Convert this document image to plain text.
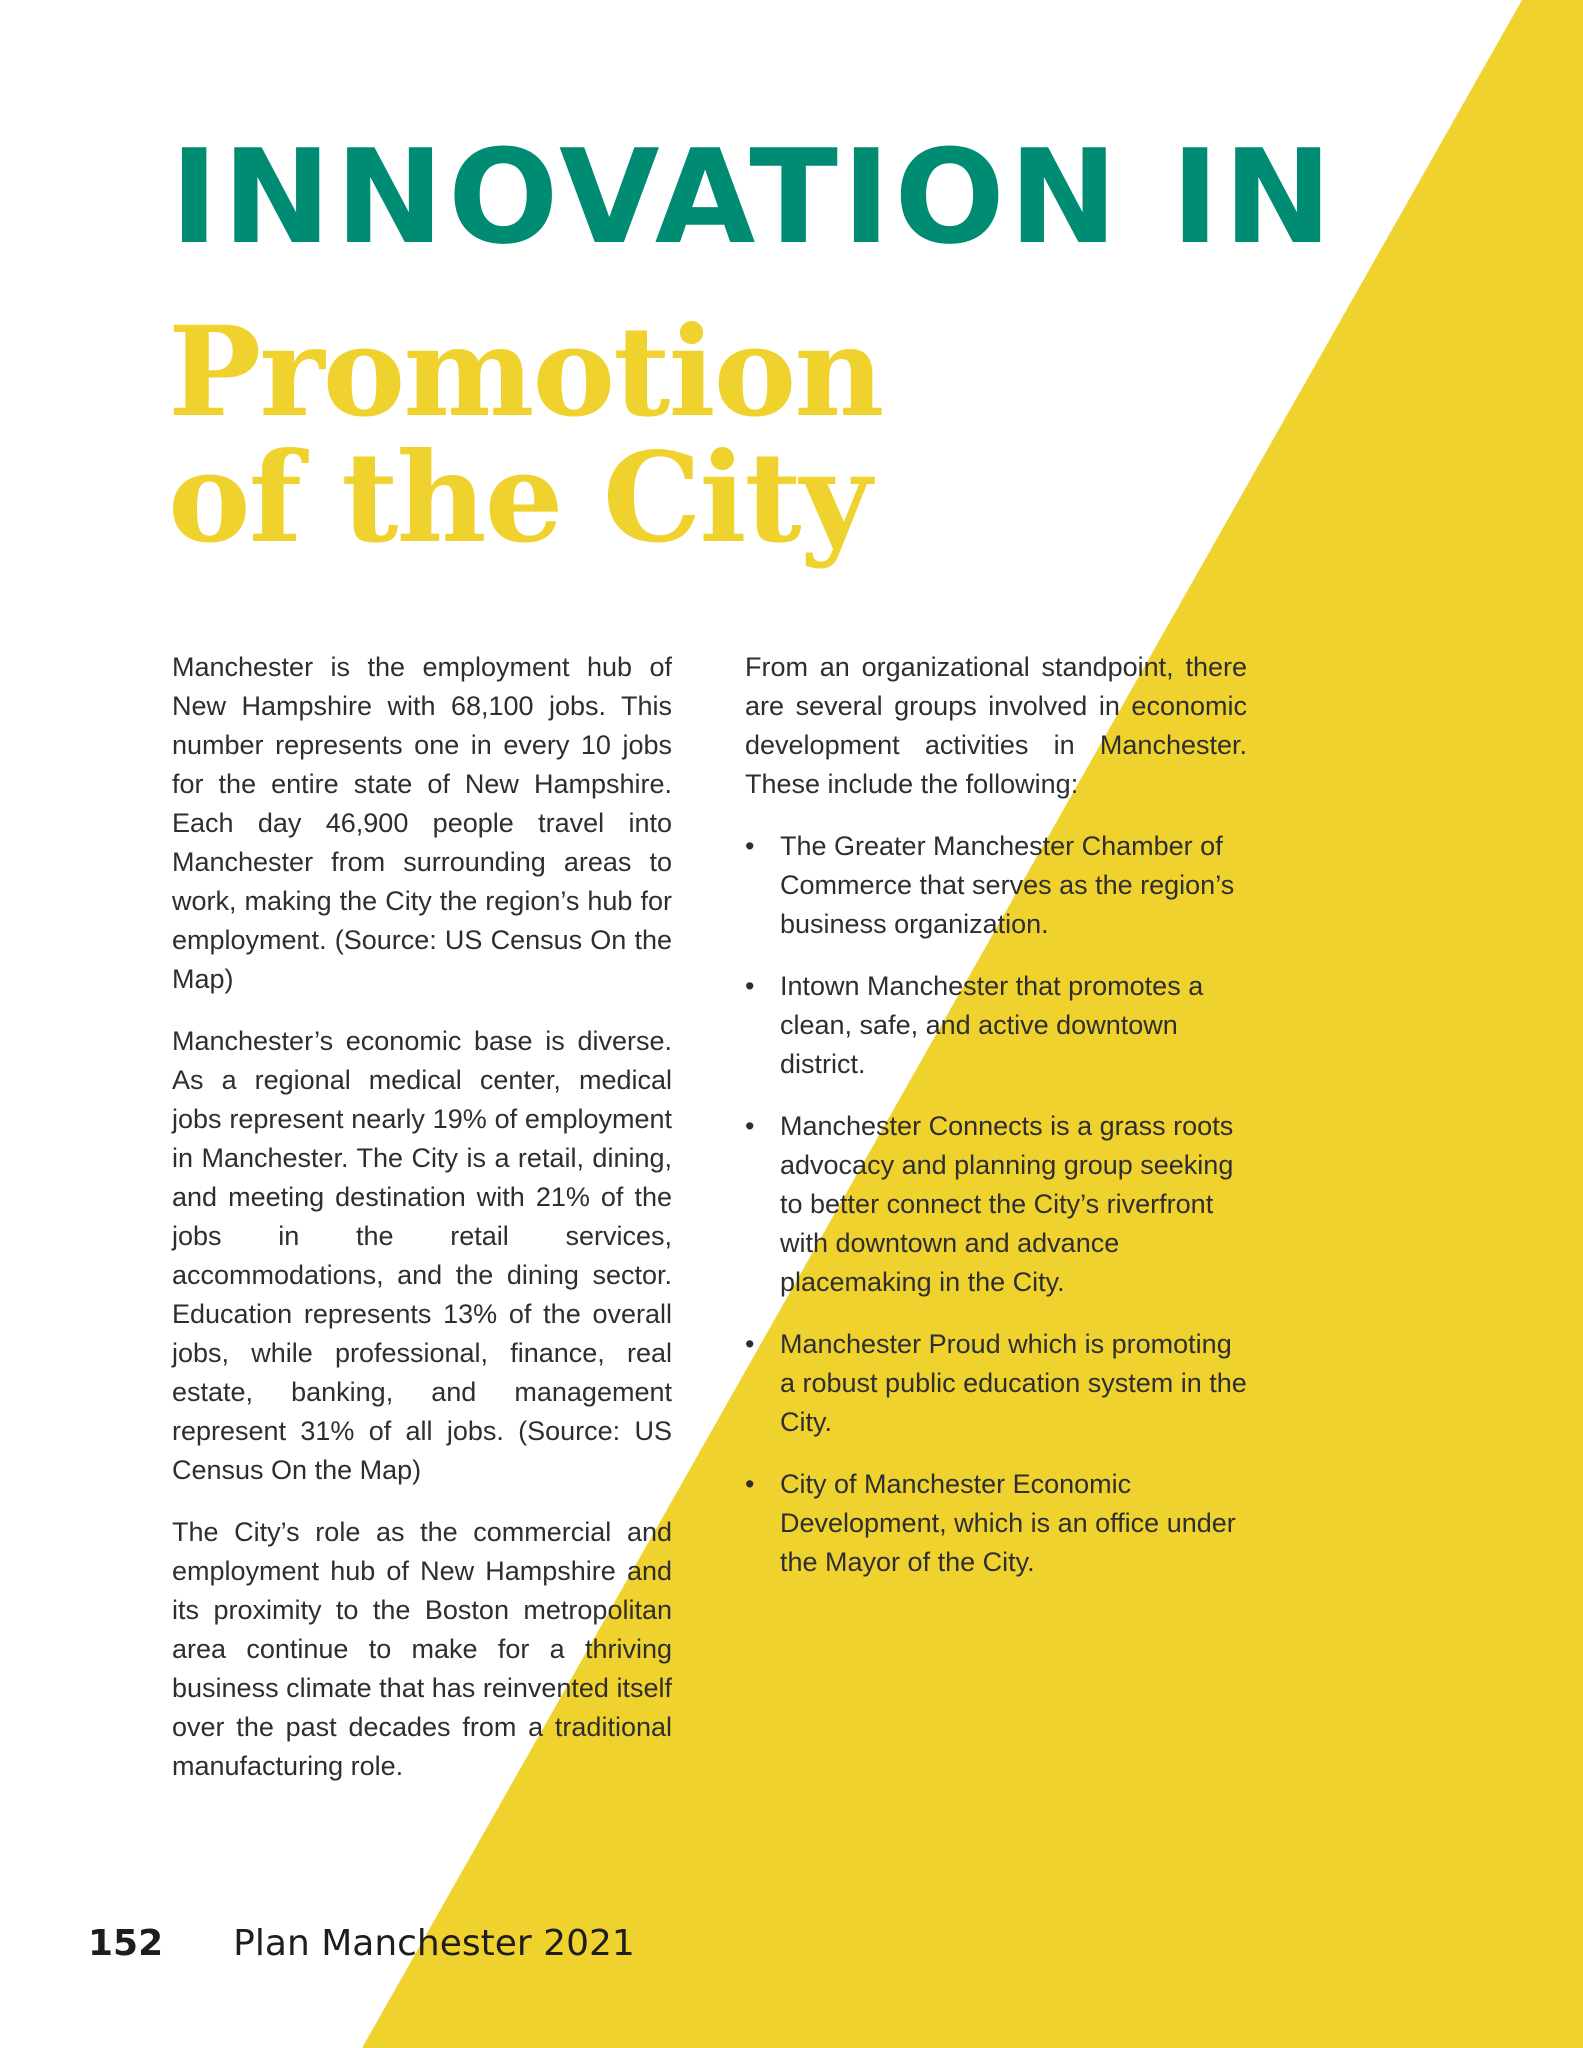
INNOVATION IN
Promotion
of the City

Manchester is the employment hub of New Hampshire with 68,100 jobs. This number represents one in every 10 jobs for the entire state of New Hampshire. Each day 46,900 people travel into Manchester from surrounding areas to work, making the City the region’s hub for employment. (Source: US Census On the Map)

Manchester’s economic base is diverse. As a regional medical center, medical jobs represent nearly 19% of employment in Manchester. The City is a retail, dining, and meeting destination with 21% of the jobs in the retail services, accommodations, and the dining sector. Education represents 13% of the overall jobs, while professional, finance, real estate, banking, and management represent 31% of all jobs. (Source: US Census On the Map)

The City’s role as the commercial and employment hub of New Hampshire and its proximity to the Boston metropolitan area continue to make for a thriving business climate that has reinvented itself over the past decades from a traditional manufacturing role.

From an organizational standpoint, there are several groups involved in economic development activities in Manchester. These include the following:

• The Greater Manchester Chamber of Commerce that serves as the region’s business organization.
• Intown Manchester that promotes a clean, safe, and active downtown district.
• Manchester Connects is a grass roots advocacy and planning group seeking to better connect the City’s riverfront with downtown and advance placemaking in the City.
• Manchester Proud which is promoting a robust public education system in the City.
• City of Manchester Economic Development, which is an office under the Mayor of the City.
152 Plan Manchester 2021
